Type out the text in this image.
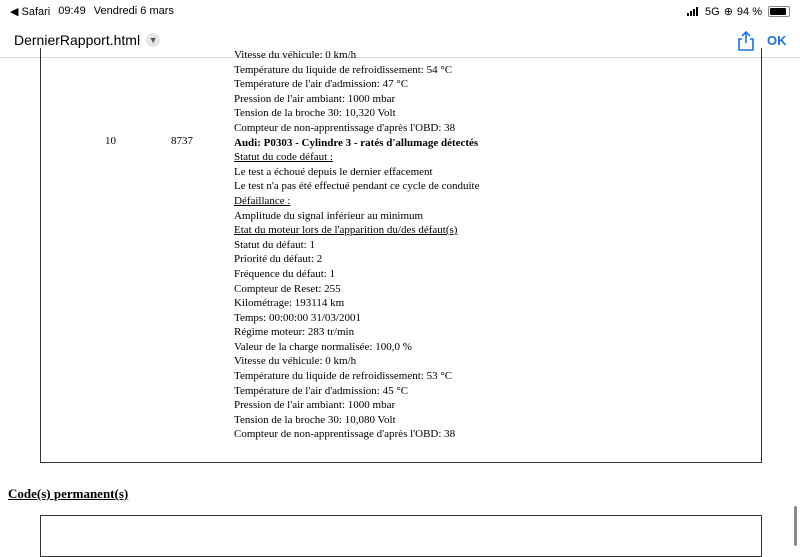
◀ Safari 09:49 Vendredi 6 mars	5G ⊕ 94 %
DernierRapport.html ▼	OK
10	8737
Vitesse du véhicule: 0 km/h
Température du liquide de refroidissement: 54 °C
Température de l'air d'admission: 47 °C
Pression de l'air ambiant: 1000 mbar
Tension de la broche 30: 10,320 Volt
Compteur de non-apprentissage d'après l'OBD: 38
Audi: P0303 - Cylindre 3 - ratés d'allumage détectés
Statut du code défaut :
Le test a échoué depuis le dernier effacement
Le test n'a pas été effectué pendant ce cycle de conduite
Défaillance :
Amplitude du signal inférieur au minimum
Etat du moteur lors de l'apparition du/des défaut(s)
Statut du défaut: 1
Priorité du défaut: 2
Fréquence du défaut: 1
Compteur de Reset: 255
Kilométrage: 193114 km
Temps: 00:00:00 31/03/2001
Régime moteur: 283 tr/min
Valeur de la charge normalisée: 100,0 %
Vitesse du véhicule: 0 km/h
Température du liquide de refroidissement: 53 °C
Température de l'air d'admission: 45 °C
Pression de l'air ambiant: 1000 mbar
Tension de la broche 30: 10,080 Volt
Compteur de non-apprentissage d'après l'OBD: 38
Code(s) permanent(s)
